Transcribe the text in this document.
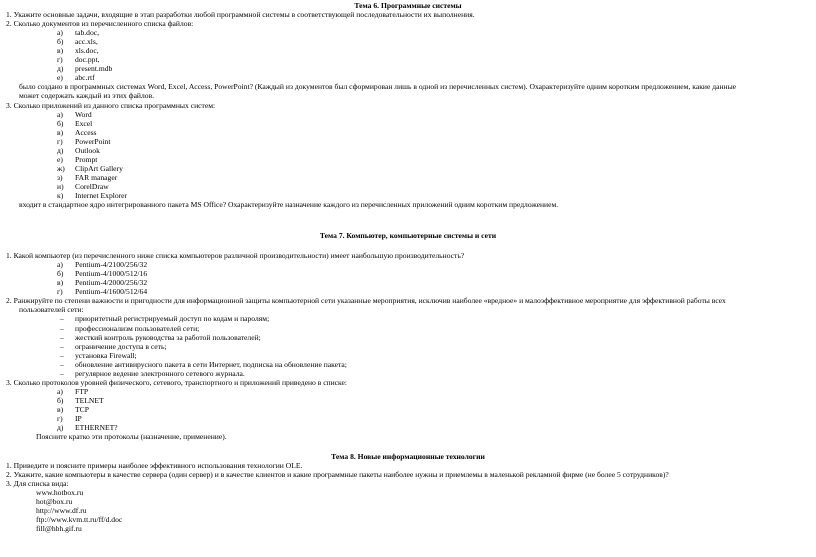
Тема 6. Программные системы
1. Укажите основные задачи, входящие в этап разработки любой программной системы в соответствующей последовательности их выполнения.
2. Сколько документов из перечисленного списка файлов:
а) tab.doc,
б) acc.xls,
в) xls.doc,
г) doc.ppt,
д) present.mdb
е) abc.rtf
было создано в программных системах Word, Excel, Access, PowerPoint? (Каждый из документов был сформирован лишь в одной из перечисленных систем). Охарактеризуйте одним коротким предложением, какие данные
может содержать каждый из этих файлов.
3. Сколько приложений из данного списка программных систем:
а) Word
б) Excel
в) Access
г) PowerPoint
д) Outlook
е) Prompt
ж) ClipArt Gallery
з) FAR manager
и) CorelDraw
к) Internet Explorer
входит в стандартное ядро интегрированного пакета MS Office? Охарактеризуйте назначение каждого из перечисленных приложений одним коротким предложением.
Тема 7. Компьютер, компьютерные системы и сети
1. Какой компьютер (из перечисленного ниже списка компьютеров различной производительности) имеет наибольшую производительность?
а) Pentium-4/2100/256/32
б) Pentium-4/1000/512/16
в) Pentium-4/2000/256/32
г) Pentium-4/1600/512/64
2. Ранжируйте по степени важности и пригодности для информационной защиты компьютерной сети указанные мероприятия, исключив наиболее «вредное» и малоэффективное мероприятие для эффективной работы всех
пользователей сети:
– приоритетный регистрируемый доступ по кодам и паролям;
– профессионализм пользователей сети;
– жесткий контроль руководства за работой пользователей;
– ограничение доступа в сеть;
– установка Firewall;
– обновление антивирусного пакета в сети Интернет, подписка на обновление пакета;
– регулярное ведение электронного сетевого журнала.
3. Сколько протоколов уровней физического, сетевого, транспортного и приложений приведено в списке:
а) FTP
б) TELNET
в) TCP
г) IP
д) ETHERNET?
Поясните кратко эти протоколы (назначение, применение).
Тема 8. Новые информационные технологии
1. Приведите и поясните примеры наиболее эффективного использования технологии OLE.
2. Укажите, какие компьютеры в качестве сервера (один сервер) и в качестве клиентов и какие программные пакеты наиболее нужны и приемлемы в маленькой рекламной фирме (не более 5 сотрудников)?
3. Для списка вида:
www.hotbox.ru
hot@box.ru
http://www.df.ru
ftp://www.kvm.tt.ru/ff/d.doc
fill@hbh.gif.ru
